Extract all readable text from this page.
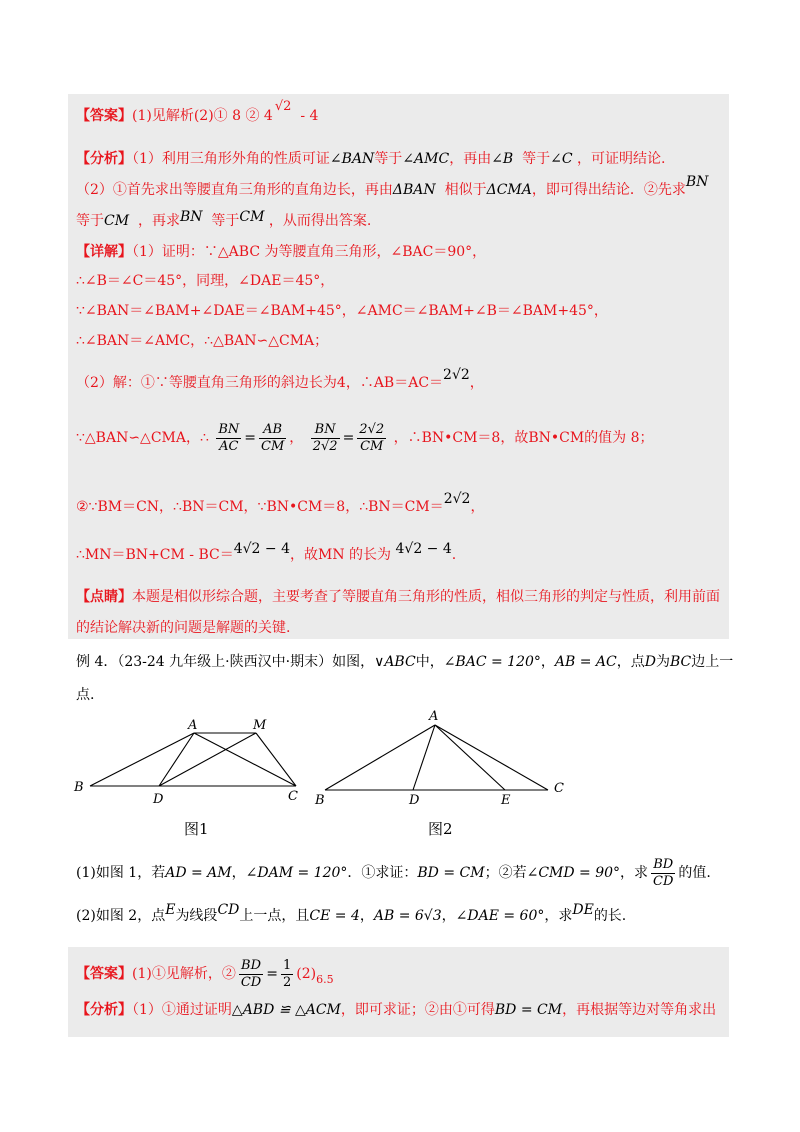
【答案】(1)见解析(2)① 8 ② 4√2  - 4
【分析】（1）利用三角形外角的性质可证∠BAN等于∠AMC，再由∠B 等于∠C ，可证明结论.
（2）①首先求出等腰直角三角形的直角边长，再由ΔBAN 相似于ΔCMA，即可得出结论．②先求BN
等于CM ，再求BN 等于CM ，从而得出答案.
【详解】（1）证明：∵△ABC 为等腰直角三角形，∠BAC＝90°，
∴∠B＝∠C＝45°，同理，∠DAE＝45°，
∵∠BAN＝∠BAM+∠DAE＝∠BAM+45°，∠AMC＝∠BAM+∠B＝∠BAM+45°，
∴∠BAN＝∠AMC，∴△BAN∽△CMA；
（2）解：①∵等腰直角三角形的斜边长为4，∴AB＝AC＝2√2，
∵△BAN∽△CMA，∴ $\frac{BN}{AC} = \frac{AB}{CM}$ ， $\frac{BN}{2√2} = \frac{2√2}{CM}$ ，∴BN•CM＝8，故BN•CM的值为 8；
②∵BM＝CN，∴BN＝CM，∵BN•CM＝8，∴BN＝CM＝2√2，
∴MN＝BN+CM - BC＝4√2 − 4，故MN 的长为 4√2 − 4.
【点睛】本题是相似形综合题，主要考查了等腰直角三角形的性质，相似三角形的判定与性质，利用前面
的结论解决新的问题是解题的关键.
例 4．（23-24 九年级上·陕西汉中·期末）如图，∨ABC中，∠BAC = 120°，AB = AC，点D为BC边上一
点.
A	M
B
D	C
图1
A
B	D	E
C
图2
(1)如图 1，若AD = AM，∠DAM = 120°．①求证：BD = CM；②若∠CMD = 90°，求 $\frac{BD}{CD}$ 的值.
(2)如图 2，点E为线段CD上一点，且CE = 4，AB = 6√3，∠DAE = 60°，求DE的长.
【答案】(1)①见解析，② $\frac{BD}{CD} = \frac{1}{2} (2)_{6.5}$
【分析】（1）①通过证明△ABD ≌ △ACM，即可求证；②由①可得BD = CM，再根据等边对等角求出
